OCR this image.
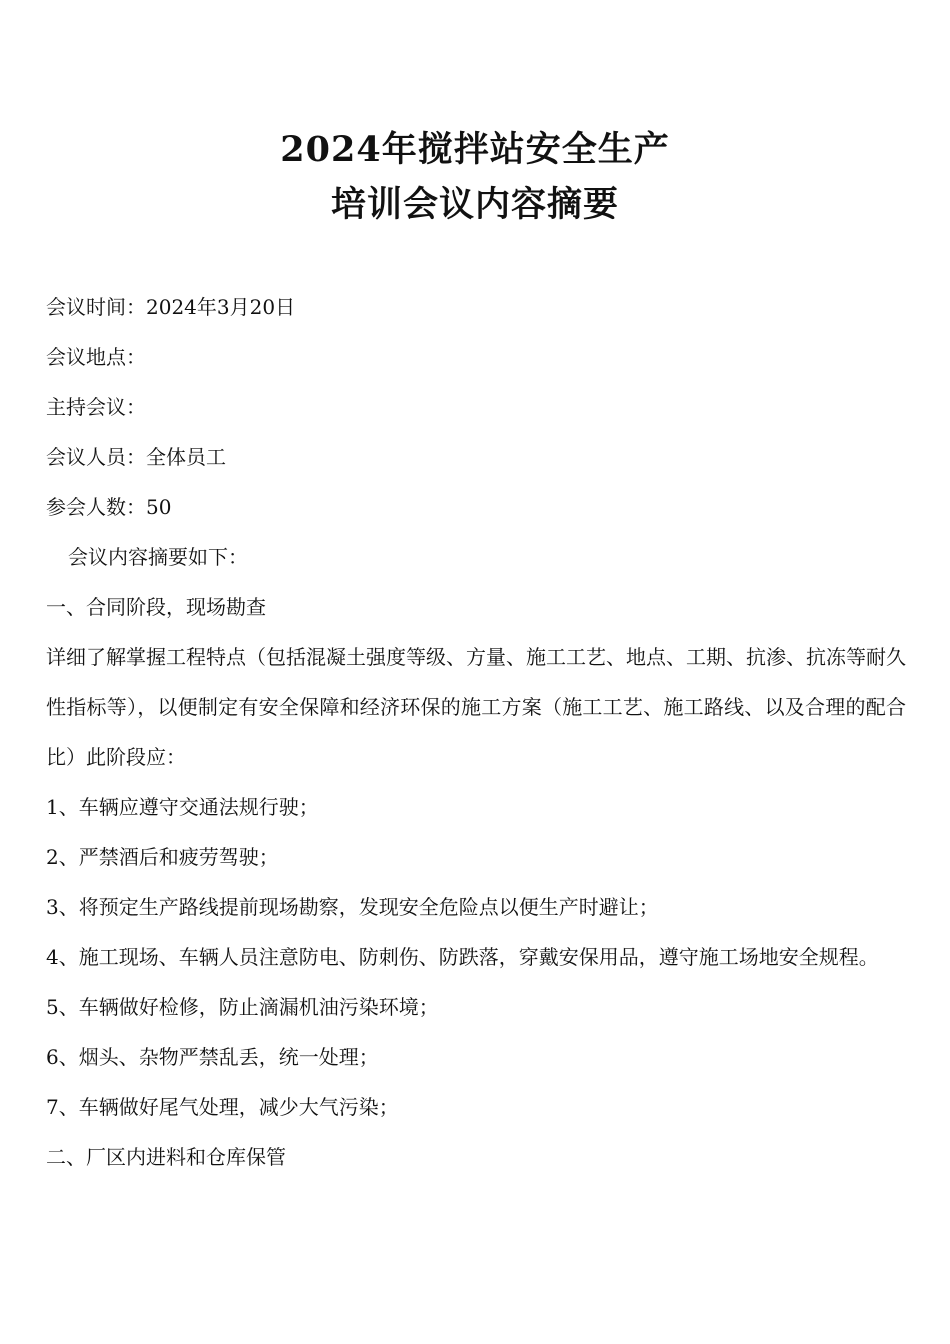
2024年搅拌站安全生产
培训会议内容摘要

会议时间：2024年3月20日

会议地点：

主持会议：

会议人员：全体员工

参会人数：50

会议内容摘要如下：

一、合同阶段，现场勘查

详细了解掌握工程特点（包括混凝土强度等级、方量、施工工艺、地点、工期、抗渗、抗冻等耐久性指标等），以便制定有安全保障和经济环保的施工方案（施工工艺、施工路线、以及合理的配合比）此阶段应：

1、车辆应遵守交通法规行驶；

2、严禁酒后和疲劳驾驶；

3、将预定生产路线提前现场勘察，发现安全危险点以便生产时避让；

4、施工现场、车辆人员注意防电、防刺伤、防跌落，穿戴安保用品，遵守施工场地安全规程。

5、车辆做好检修，防止滴漏机油污染环境；

6、烟头、杂物严禁乱丢，统一处理；

7、车辆做好尾气处理，减少大气污染；

二、厂区内进料和仓库保管
